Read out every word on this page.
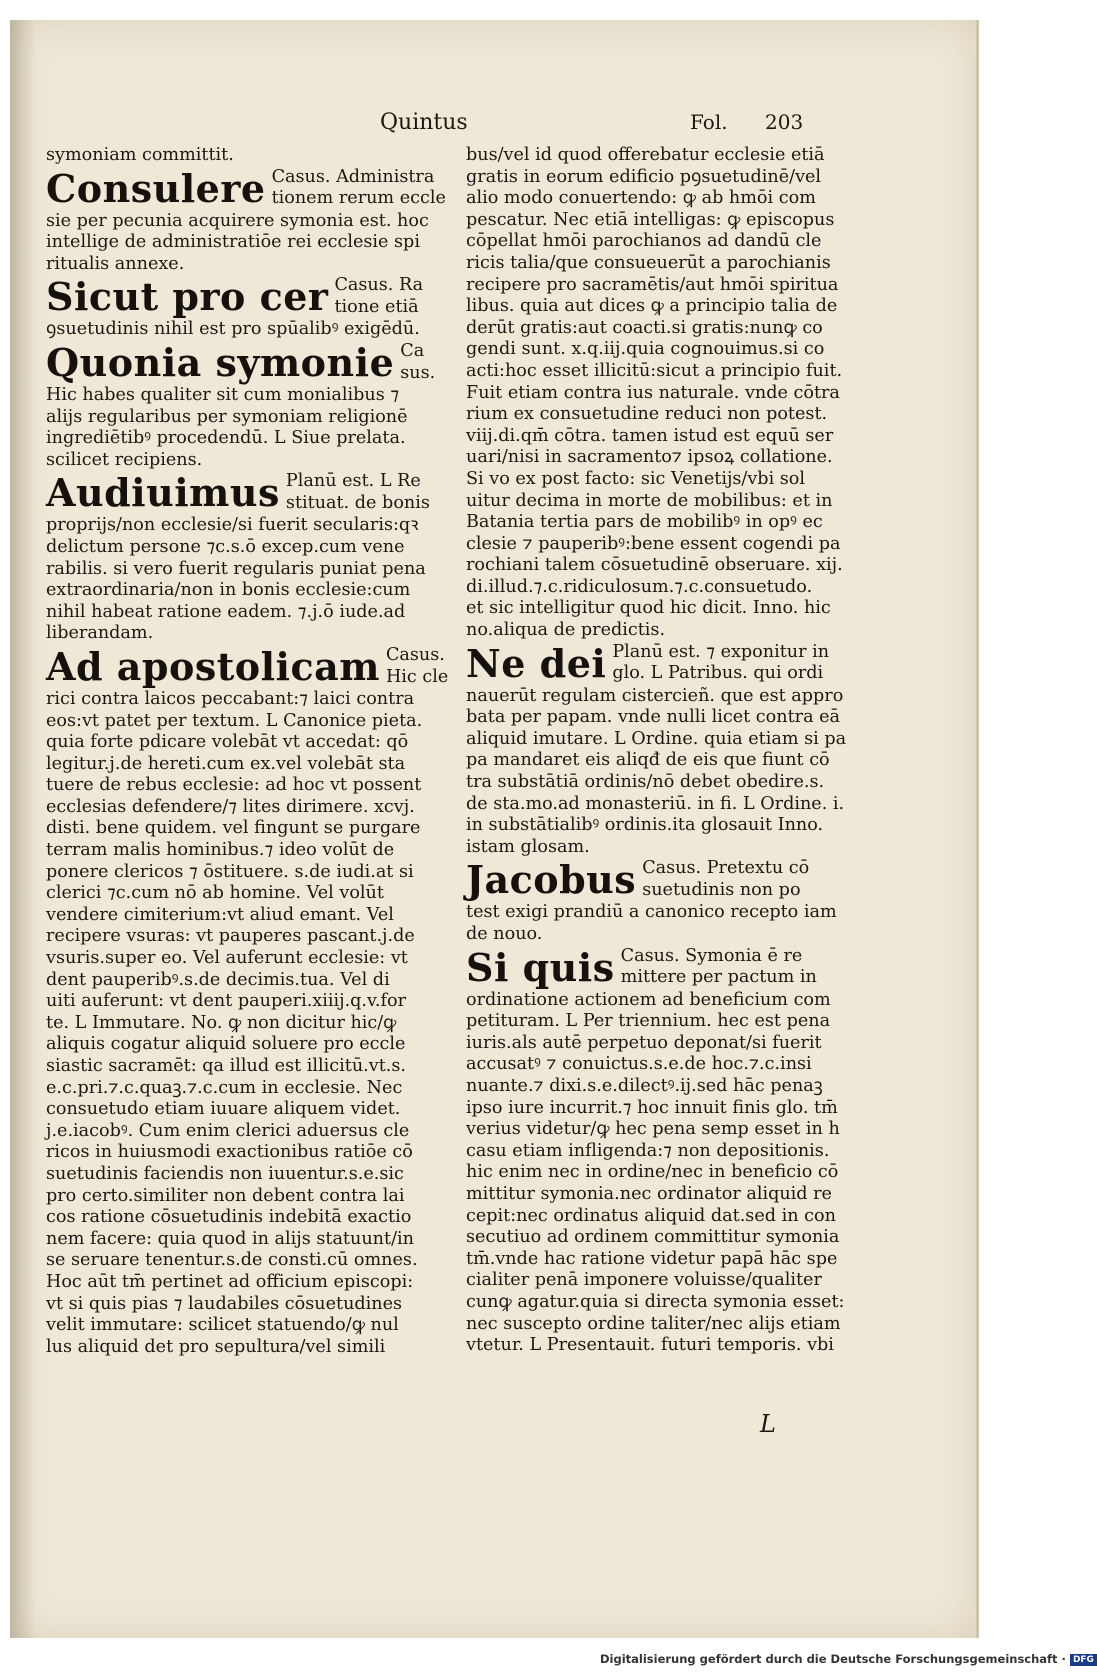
Quintus	Fol. 203
symoniam committit.
Consulere Casus. Administra
tionem rerum eccle
sie per pecunia acquirere symonia est. hoc
intellige de administratiōe rei ecclesie spi
ritualis annexe.
Sicut pro cer Casus. Ra
tione etiā
ꝯsuetudinis nihil est pro spūalibꝰ exigēdū.
Quonia symonie Ca
sus.
Hic habes qualiter sit cum monialibus ⁊
alijs regularibus per symoniam religionē
ingrediētibꝰ procedendū. L Siue prelata.
scilicet recipiens.
Audiuimus Planū est. L Re
stituat. de bonis
proprijs/non ecclesie/si fuerit secularis:qꝛ
delictum persone ⁊c.s.ō excep.cum vene
rabilis. si vero fuerit regularis puniat pena
extraordinaria/non in bonis ecclesie:cum
nihil habeat ratione eadem. ⁊.j.ō iude.ad
liberandam.
Ad apostolicam Casus.
Hic cle
rici contra laicos peccabant:⁊ laici contra
eos:vt patet per textum. L Canonice pieta.
quia forte pdicare volebāt vt accedat: qō
legitur.j.de hereti.cum ex.vel volebāt sta
tuere de rebus ecclesie: ad hoc vt possent
ecclesias defendere/⁊ lites dirimere. xcvj.
disti. bene quidem. vel fingunt se purgare
terram malis hominibus.⁊ ideo volūt de
ponere clericos ⁊ ōstituere. s.de iudi.at si
clerici ⁊c.cum nō ab homine. Vel volūt
vendere cimiterium:vt aliud emant. Vel
recipere vsuras: vt pauperes pascant.j.de
vsuris.super eo. Vel auferunt ecclesie: vt
dent pauperibꝰ.s.de decimis.tua. Vel di
uiti auferunt: vt dent pauperi.xiiij.q.v.for
te. L Immutare. No. ꝙ non dicitur hic/ꝙ
aliquis cogatur aliquid soluere pro eccle
siastic sacramēt: qa illud est illicitū.vt.s.
e.c.pri.⁊.c.quaꝫ.⁊.c.cum in ecclesie. Nec
consuetudo etiam iuuare aliquem videt.
j.e.iacobꝰ. Cum enim clerici aduersus cle
ricos in huiusmodi exactionibus ratiōe cō
suetudinis faciendis non iuuentur.s.e.sic
pro certo.similiter non debent contra lai
cos ratione cōsuetudinis indebitā exactio
nem facere: quia quod in alijs statuunt/in
se seruare tenentur.s.de consti.cū omnes.
Hoc aūt tm̄ pertinet ad officium episcopi:
vt si quis pias ⁊ laudabiles cōsuetudines
velit immutare: scilicet statuendo/ꝙ nul
lus aliquid det pro sepultura/vel simili
bus/vel id quod offerebatur ecclesie etiā
gratis in eorum edificio pꝯsuetudinē/vel
alio modo conuertendo: ꝙ ab hmōi com
pescatur. Nec etiā intelligas: ꝙ episcopus
cōpellat hmōi parochianos ad dandū cle
ricis talia/que consueuerūt a parochianis
recipere pro sacramētis/aut hmōi spiritua
libus. quia aut dices ꝙ a principio talia de
derūt gratis:aut coacti.si gratis:nunꝙ co
gendi sunt. x.q.iij.quia cognouimus.si co
acti:hoc esset illicitū:sicut a principio fuit.
Fuit etiam contra ius naturale. vnde cōtra
rium ex consuetudine reduci non potest.
viij.di.qm̄ cōtra. tamen istud est equū ser
uari/nisi in sacramento⁊ ipsoꝝ collatione.
Si vo ex post facto: sic Venetijs/vbi sol
uitur decima in morte de mobilibus: et in
Batania tertia pars de mobilibꝰ in opꝰ ec
clesie ⁊ pauperibꝰ:bene essent cogendi pa
rochiani talem cōsuetudinē obseruare. xij.
di.illud.⁊.c.ridiculosum.⁊.c.consuetudo.
et sic intelligitur quod hic dicit. Inno. hic
no.aliqua de predictis.
Ne dei Planū est. ⁊ exponitur in
glo. L Patribus. qui ordi
nauerūt regulam cistercieñ. que est appro
bata per papam. vnde nulli licet contra eā
aliquid imutare. L Ordine. quia etiam si pa
pa mandaret eis aliqđ de eis que fiunt cō
tra substātiā ordinis/nō debet obedire.s.
de sta.mo.ad monasteriū. in fi. L Ordine. i.
in substātialibꝰ ordinis.ita glosauit Inno.
istam glosam.
Jacobus Casus. Pretextu cō
suetudinis non po
test exigi prandiū a canonico recepto iam
de nouo.
Si quis Casus. Symonia ē re
mittere per pactum in
ordinatione actionem ad beneficium com
petituram. L Per triennium. hec est pena
iuris.als autē perpetuo deponat/si fuerit
accusatꝰ ⁊ conuictus.s.e.de hoc.⁊.c.insi
nuante.⁊ dixi.s.e.dilectꝰ.ij.sed hāc penaꝫ
ipso iure incurrit.⁊ hoc innuit finis glo. tm̄
verius videtur/ꝙ hec pena semp esset in h
casu etiam infligenda:⁊ non depositionis.
hic enim nec in ordine/nec in beneficio cō
mittitur symonia.nec ordinator aliquid re
cepit:nec ordinatus aliquid dat.sed in con
secutiuo ad ordinem committitur symonia
tm̄.vnde hac ratione videtur papā hāc spe
cialiter penā imponere voluisse/qualiter
cunꝙ agatur.quia si directa symonia esset:
nec suscepto ordine taliter/nec alijs etiam
vtetur. L Presentauit. futuri temporis. vbi
L
Digitalisierung gefördert durch die Deutsche Forschungsgemeinschaft · DFG
